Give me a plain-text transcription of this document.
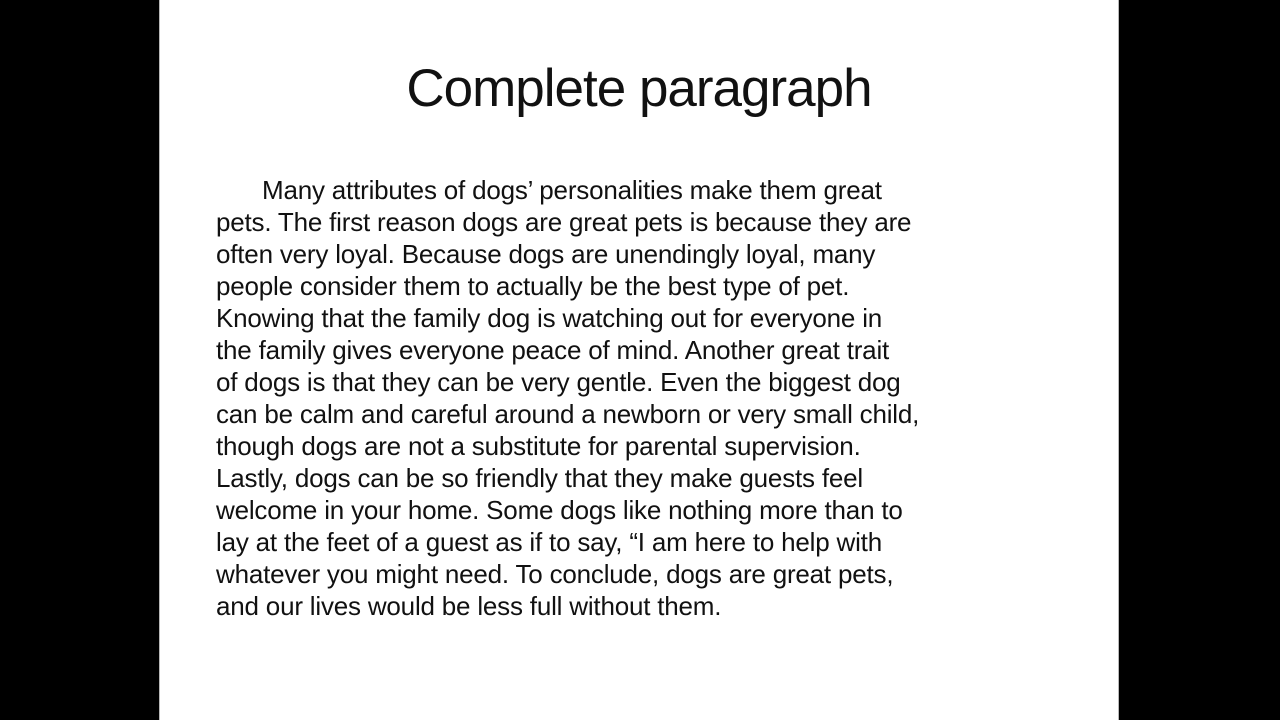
Complete paragraph
Many attributes of dogs’ personalities make them great
pets. The first reason dogs are great pets is because they are
often very loyal. Because dogs are unendingly loyal, many
people consider them to actually be the best type of pet.
Knowing that the family dog is watching out for everyone in
the family gives everyone peace of mind. Another great trait
of dogs is that they can be very gentle. Even the biggest dog
can be calm and careful around a newborn or very small child,
though dogs are not a substitute for parental supervision.
Lastly, dogs can be so friendly that they make guests feel
welcome in your home. Some dogs like nothing more than to
lay at the feet of a guest as if to say, “I am here to help with
whatever you might need. To conclude, dogs are great pets,
and our lives would be less full without them.
